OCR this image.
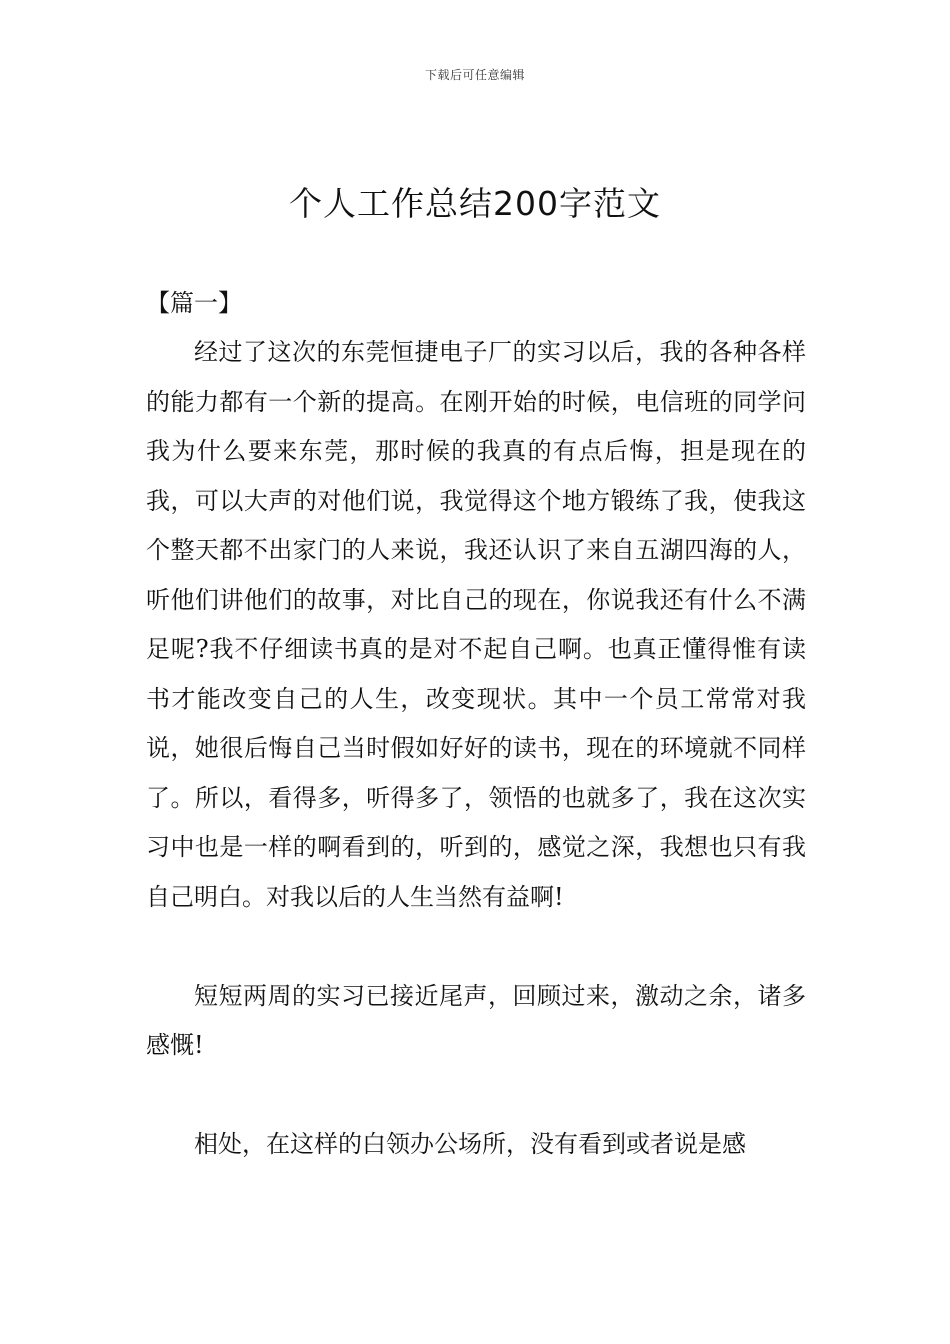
下载后可任意编辑
个人工作总结200字范文

【篇一】

经过了这次的东莞恒捷电子厂的实习以后，我的各种各样的能力都有一个新的提高。在刚开始的时候，电信班的同学问我为什么要来东莞，那时候的我真的有点后悔，担是现在的我，可以大声的对他们说，我觉得这个地方锻练了我，使我这个整天都不出家门的人来说，我还认识了来自五湖四海的人，听他们讲他们的故事，对比自己的现在，你说我还有什么不满足呢?我不仔细读书真的是对不起自己啊。也真正懂得惟有读书才能改变自己的人生，改变现状。其中一个员工常常对我说，她很后悔自己当时假如好好的读书，现在的环境就不同样了。所以，看得多，听得多了，领悟的也就多了，我在这次实习中也是一样的啊看到的，听到的，感觉之深，我想也只有我自己明白。对我以后的人生当然有益啊!

短短两周的实习已接近尾声，回顾过来，激动之余，诸多感慨!

相处，在这样的白领办公场所，没有看到或者说是感
